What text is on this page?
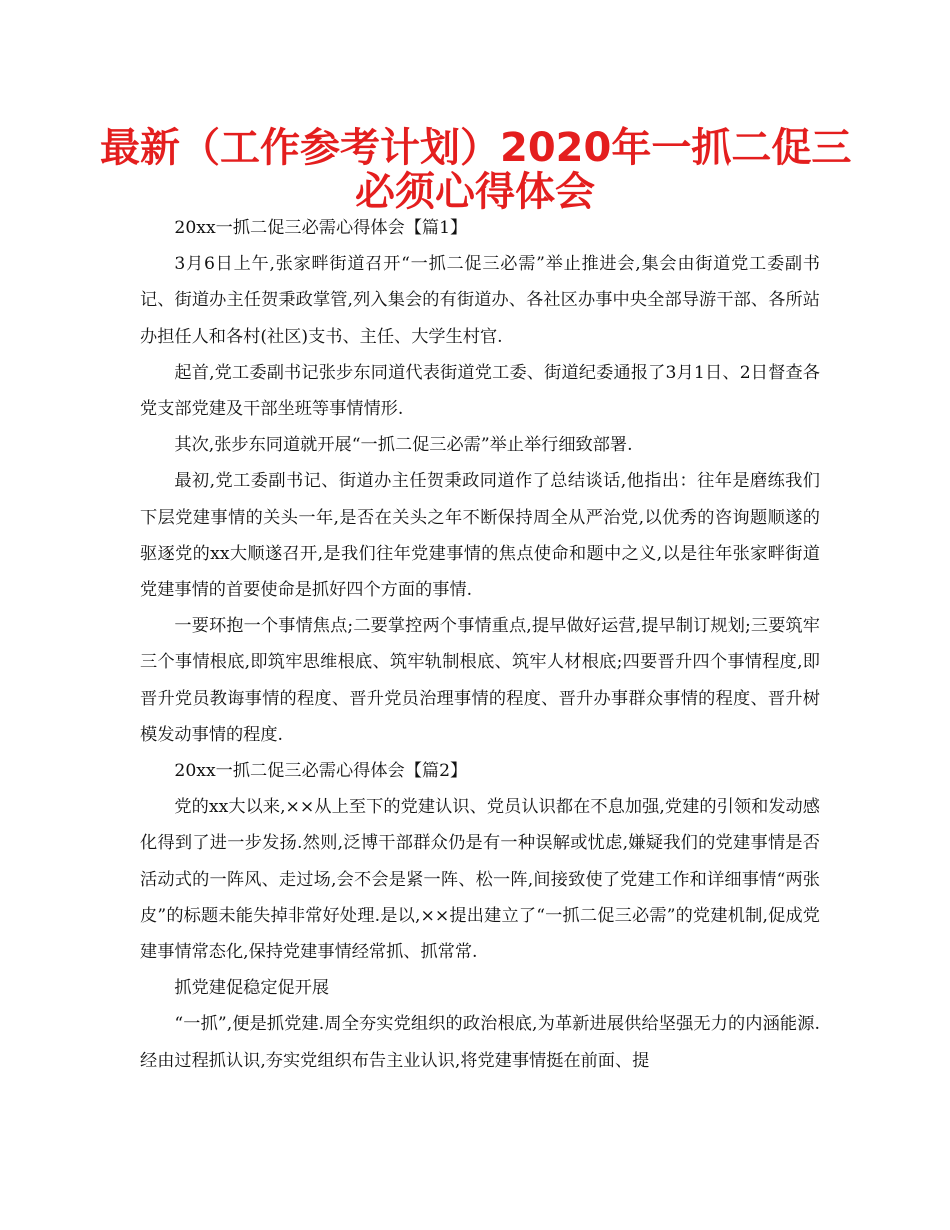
最新（工作参考计划）2020年一抓二促三
必须心得体会

20xx一抓二促三必需心得体会【篇1】

3月6日上午,张家畔街道召开“一抓二促三必需”举止推进会,集会由街道党工委副书记、街道办主任贺秉政掌管,列入集会的有街道办、各社区办事中央全部导游干部、各所站办担任人和各村(社区)支书、主任、大学生村官.

起首,党工委副书记张步东同道代表街道党工委、街道纪委通报了3月1日、2日督查各党支部党建及干部坐班等事情情形.

其次,张步东同道就开展“一抓二促三必需”举止举行细致部署.

最初,党工委副书记、街道办主任贺秉政同道作了总结谈话,他指出：往年是磨练我们下层党建事情的关头一年,是否在关头之年不断保持周全从严治党,以优秀的咨询题顺遂的驱逐党的xx大顺遂召开,是我们往年党建事情的焦点使命和题中之义,以是往年张家畔街道党建事情的首要使命是抓好四个方面的事情.

一要环抱一个事情焦点;二要掌控两个事情重点,提早做好运营,提早制订规划;三要筑牢三个事情根底,即筑牢思维根底、筑牢轨制根底、筑牢人材根底;四要晋升四个事情程度,即晋升党员教诲事情的程度、晋升党员治理事情的程度、晋升办事群众事情的程度、晋升树模发动事情的程度.

20xx一抓二促三必需心得体会【篇2】

党的xx大以来,××从上至下的党建认识、党员认识都在不息加强,党建的引领和发动感化得到了进一步发扬.然则,泛博干部群众仍是有一种误解或忧虑,嫌疑我们的党建事情是否活动式的一阵风、走过场,会不会是紧一阵、松一阵,间接致使了党建工作和详细事情“两张皮”的标题未能失掉非常好处理.是以,××提出建立了“一抓二促三必需”的党建机制,促成党建事情常态化,保持党建事情经常抓、抓常常.

抓党建促稳定促开展

“一抓”,便是抓党建.周全夯实党组织的政治根底,为革新进展供给坚强无力的内涵能源.经由过程抓认识,夯实党组织布告主业认识,将党建事情挺在前面、提
